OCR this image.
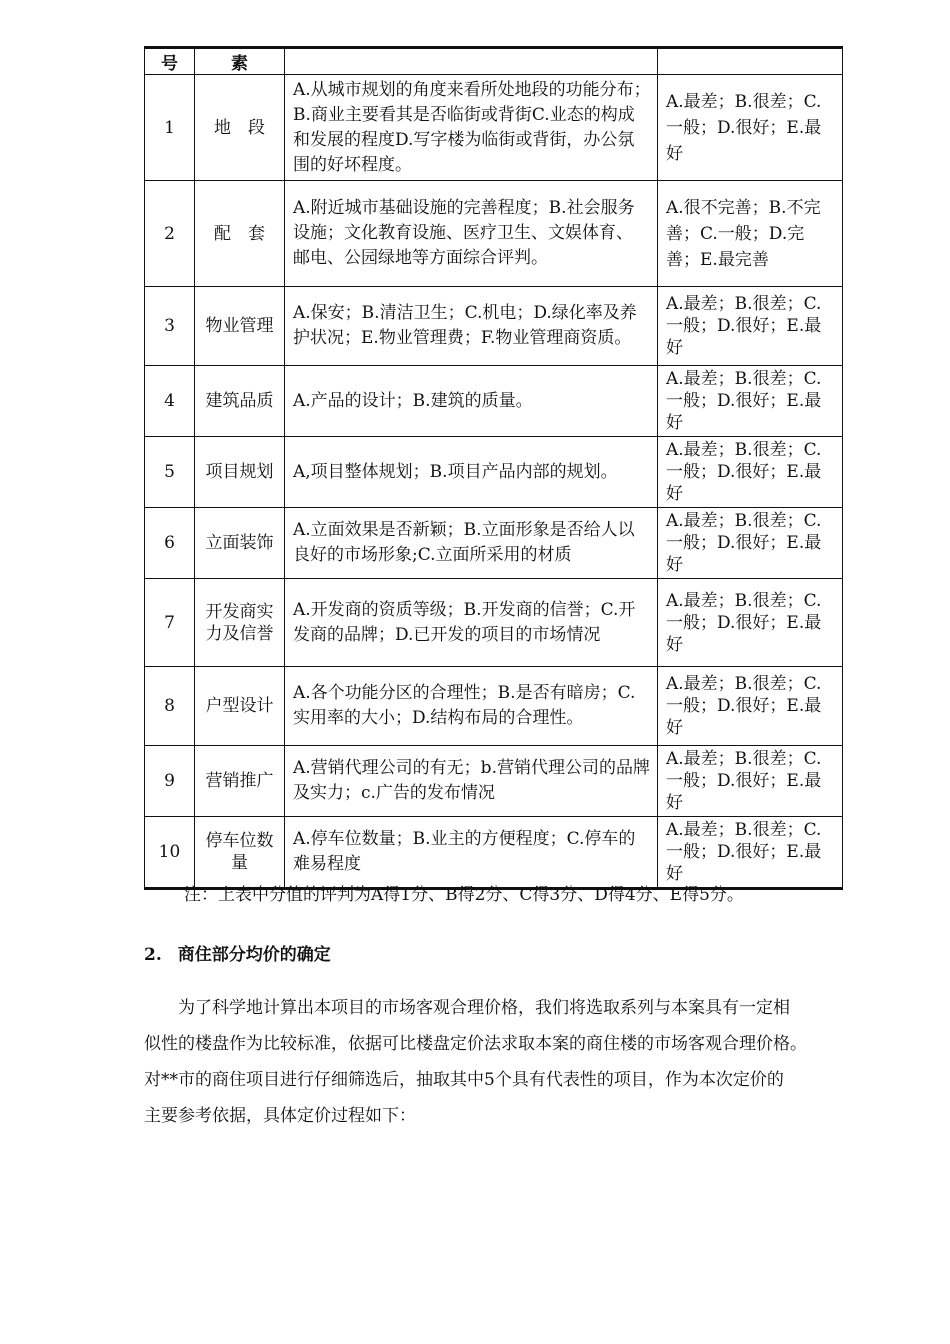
号	素		
1	地　段	A.从城市规划的角度来看所处地段的功能分布；B.商业主要看其是否临街或背街C.业态的构成和发展的程度D.写字楼为临街或背街，办公氛围的好坏程度。	A.最差；B.很差；C.一般；D.很好；E.最好
2	配　套	A.附近城市基础设施的完善程度；B.社会服务设施；文化教育设施、医疗卫生、文娱体育、 邮电、公园绿地等方面综合评判。	A.很不完善；B.不完善；C.一般；D.完善；E.最完善
3	物业管理	A.保安；B.清洁卫生；C.机电；D.绿化率及养护状况；E.物业管理费；F.物业管理商资质。	A.最差；B.很差；C.一般；D.很好；E.最好
4	建筑品质	A.产品的设计；B.建筑的质量。	A.最差；B.很差；C.一般；D.很好；E.最好
5	项目规划	A,项目整体规划；B.项目产品内部的规划。	A.最差；B.很差；C.一般；D.很好；E.最好
6	立面装饰	A.立面效果是否新颖；B.立面形象是否给人以良好的市场形象;C.立面所采用的材质	A.最差；B.很差；C.一般；D.很好；E.最好
7	开发商实力及信誉	A.开发商的资质等级；B.开发商的信誉；C.开发商的品牌；D.已开发的项目的市场情况	A.最差；B.很差；C.一般；D.很好；E.最好
8	户型设计	A.各个功能分区的合理性；B.是否有暗房；C.实用率的大小；D.结构布局的合理性。	A.最差；B.很差；C.一般；D.很好；E.最好
9	营销推广	A.营销代理公司的有无；b.营销代理公司的品牌及实力；c.广告的发布情况	A.最差；B.很差；C.一般；D.很好；E.最好
10	停车位数量	A.停车位数量；B.业主的方便程度；C.停车的难易程度	A.最差；B.很差；C.一般；D.很好；E.最好
注：上表中分值的评判为A得1分、B得2分、C得3分、D得4分、E得5分。
2. 商住部分均价的确定
为了科学地计算出本项目的市场客观合理价格，我们将选取系列与本案具有一定相
似性的楼盘作为比较标准，依据可比楼盘定价法求取本案的商住楼的市场客观合理价格。
对**市的商住项目进行仔细筛选后，抽取其中5个具有代表性的项目，作为本次定价的
主要参考依据，具体定价过程如下：
